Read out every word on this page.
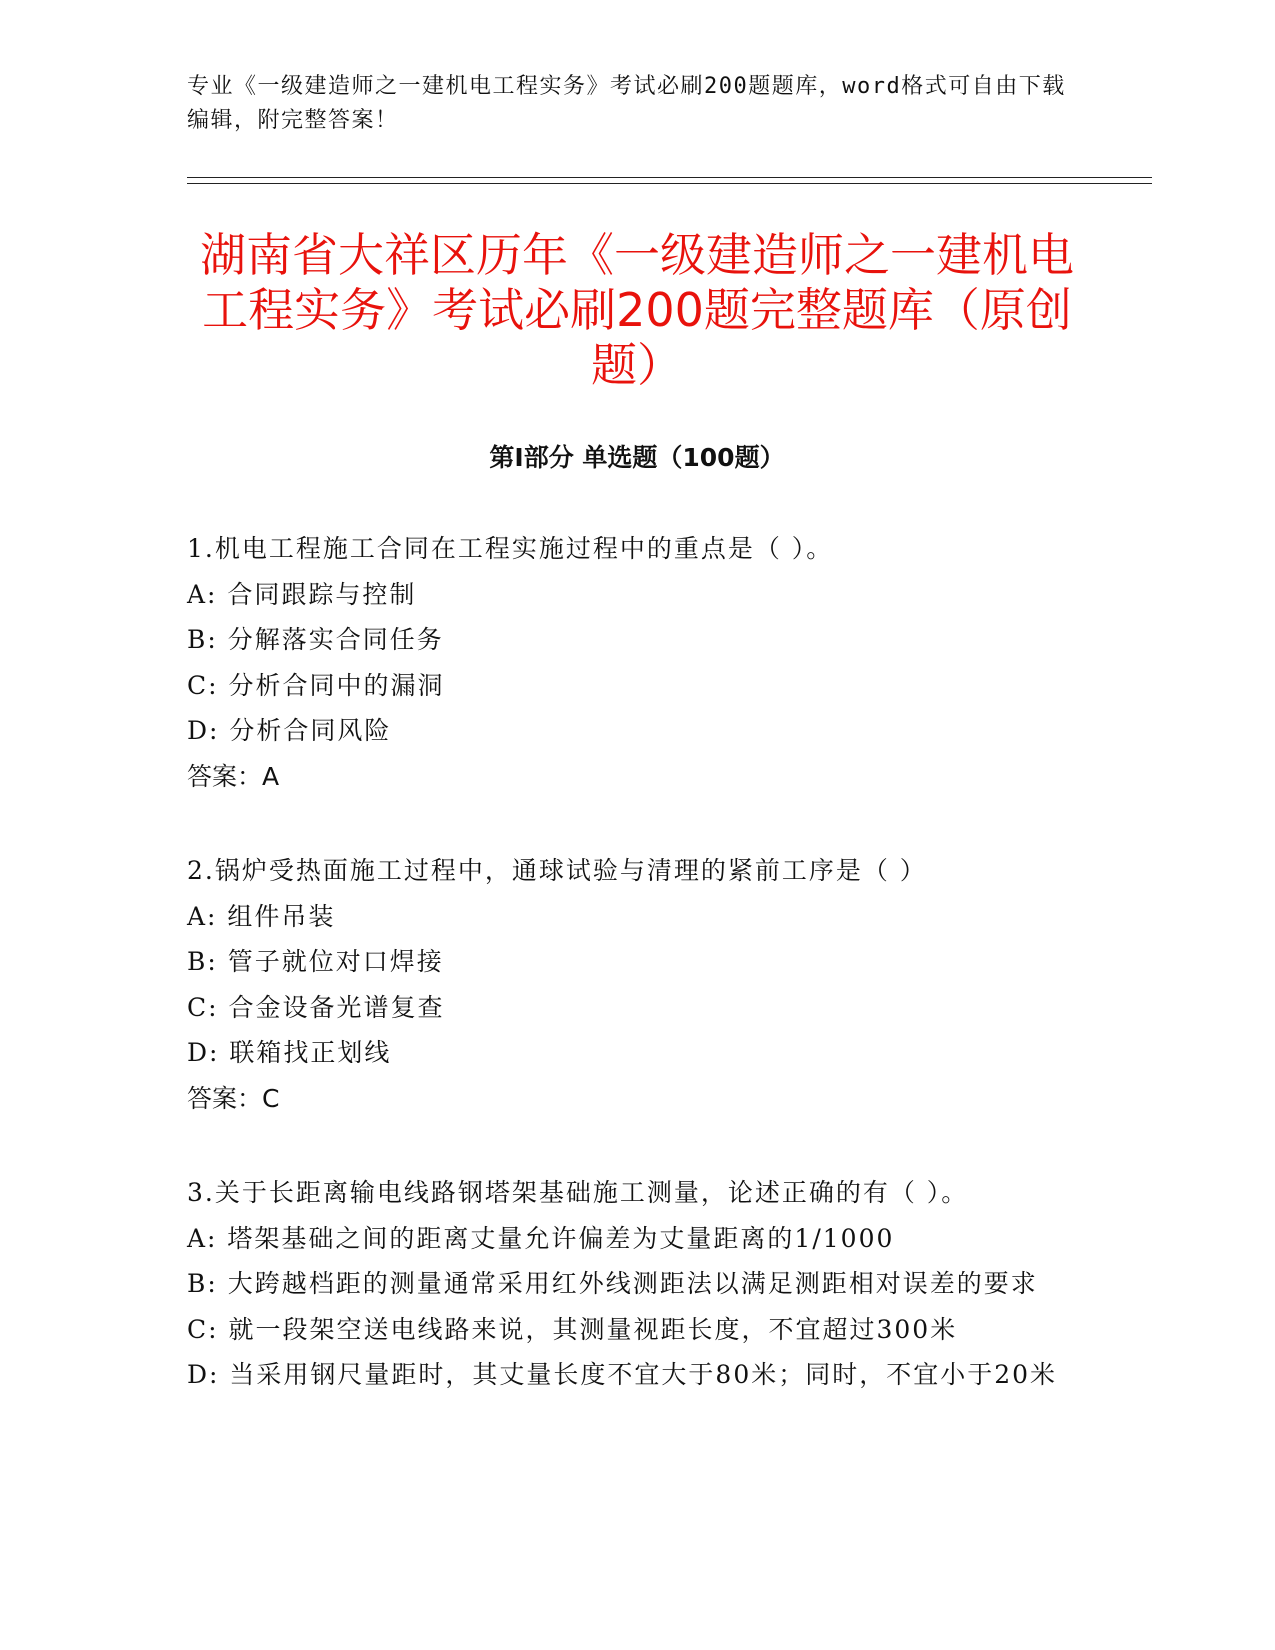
专业《一级建造师之一建机电工程实务》考试必刷200题题库，word格式可自由下载编辑，附完整答案！
湖南省大祥区历年《一级建造师之一建机电工程实务》考试必刷200题完整题库（原创题）
第I部分 单选题（100题）
1.机电工程施工合同在工程实施过程中的重点是（ ）。
A: 合同跟踪与控制
B: 分解落实合同任务
C: 分析合同中的漏洞
D: 分析合同风险
答案：A
2.锅炉受热面施工过程中，通球试验与清理的紧前工序是（ ）
A: 组件吊装
B: 管子就位对口焊接
C: 合金设备光谱复查
D: 联箱找正划线
答案：C
3.关于长距离输电线路钢塔架基础施工测量，论述正确的有（ ）。
A: 塔架基础之间的距离丈量允许偏差为丈量距离的1/1000
B: 大跨越档距的测量通常采用红外线测距法以满足测距相对误差的要求
C: 就一段架空送电线路来说，其测量视距长度，不宜超过300米
D: 当采用钢尺量距时，其丈量长度不宜大于80米；同时，不宜小于20米
